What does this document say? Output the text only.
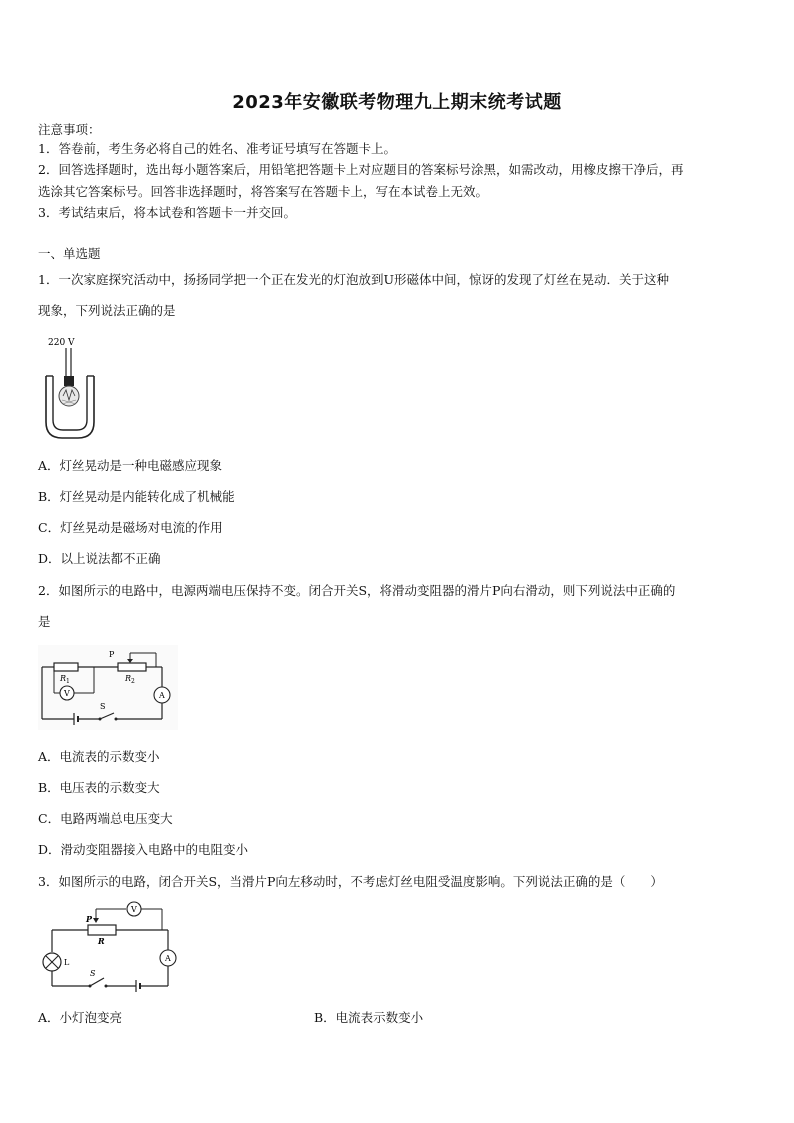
2023年安徽联考物理九上期末统考试题
注意事项：
1．答卷前，考生务必将自己的姓名、准考证号填写在答题卡上。
2．回答选择题时，选出每小题答案后，用铅笔把答题卡上对应题目的答案标号涂黑，如需改动，用橡皮擦干净后，再
选涂其它答案标号。回答非选择题时，将答案写在答题卡上，写在本试卷上无效。
3．考试结束后，将本试卷和答题卡一并交回。
一、单选题
1．一次家庭探究活动中，扬扬同学把一个正在发光的灯泡放到U形磁体中间，惊讶的发现了灯丝在晃动．关于这种
现象，下列说法正确的是
220 V
A．灯丝晃动是一种电磁感应现象
B．灯丝晃动是内能转化成了机械能
C．灯丝晃动是磁场对电流的作用
D．以上说法都不正确
2．如图所示的电路中，电源两端电压保持不变。闭合开关S，将滑动变阻器的滑片P向右滑动，则下列说法中正确的
是
P
R 1	R 2
V	A
S
A．电流表的示数变小
B．电压表的示数变大
C．电路两端总电压变大
D．滑动变阻器接入电路中的电阻变小
3．如图所示的电路，闭合开关S，当滑片P向左移动时，不考虑灯丝电阻受温度影响。下列说法正确的是（　　）
V
P
R
L	A
S
A．小灯泡变亮	B．电流表示数变小
